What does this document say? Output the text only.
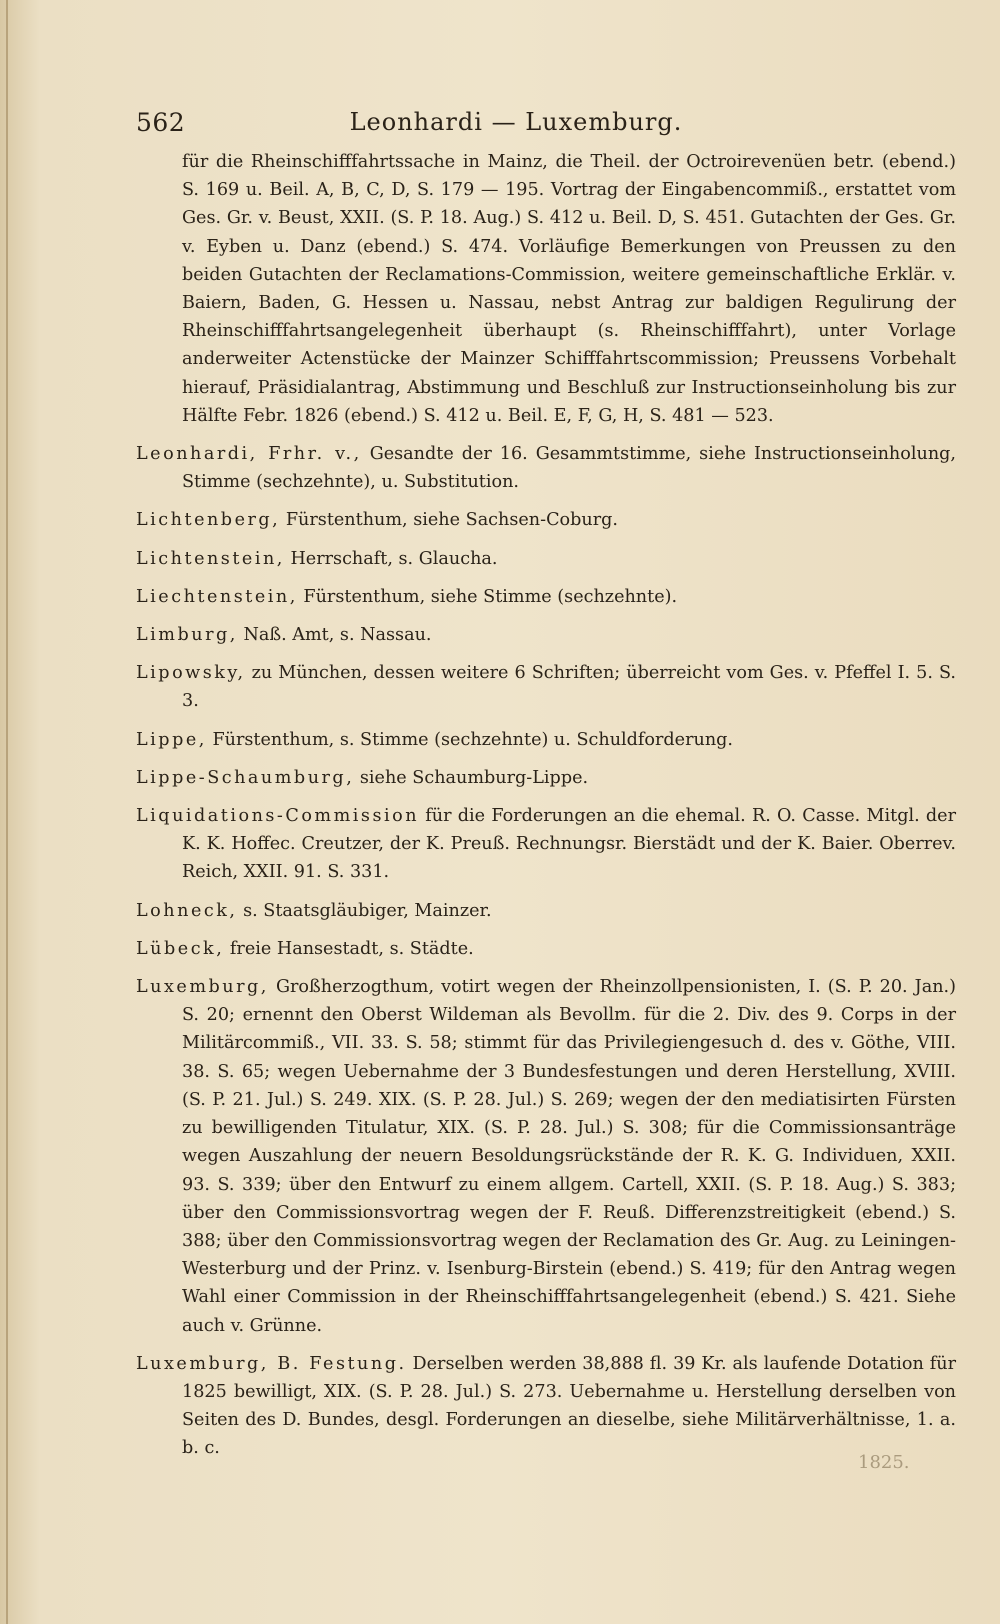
562	Leonhardi — Luxemburg.

für die Rheinschifffahrtssache in Mainz, die Theil. der Octroirevenüen betr. (ebend.) S. 169 u. Beil. A, B, C, D, S. 179 — 195. Vortrag der Eingabencommiß., erstattet vom Ges. Gr. v. Beust, XXII. (S. P. 18. Aug.) S. 412 u. Beil. D, S. 451. Gutachten der Ges. Gr. v. Eyben u. Danz (ebend.) S. 474. Vorläufige Bemerkungen von Preussen zu den beiden Gutachten der Reclamations-Commission, weitere gemeinschaftliche Erklär. v. Baiern, Baden, G. Hessen u. Nassau, nebst Antrag zur baldigen Regulirung der Rheinschifffahrtsangelegenheit überhaupt (s. Rheinschifffahrt), unter Vorlage anderweiter Actenstücke der Mainzer Schifffahrtscommission; Preussens Vorbehalt hierauf, Präsidialantrag, Abstimmung und Beschluß zur Instructionseinholung bis zur Hälfte Febr. 1826 (ebend.) S. 412 u. Beil. E, F, G, H, S. 481 — 523.

Leonhardi, Frhr. v., Gesandte der 16. Gesammtstimme, siehe Instructionseinholung, Stimme (sechzehnte), u. Substitution.

Lichtenberg, Fürstenthum, siehe Sachsen-Coburg.

Lichtenstein, Herrschaft, s. Glaucha.

Liechtenstein, Fürstenthum, siehe Stimme (sechzehnte).

Limburg, Naß. Amt, s. Nassau.

Lipowsky, zu München, dessen weitere 6 Schriften; überreicht vom Ges. v. Pfeffel I. 5. S. 3.

Lippe, Fürstenthum, s. Stimme (sechzehnte) u. Schuldforderung.

Lippe-Schaumburg, siehe Schaumburg-Lippe.

Liquidations-Commission für die Forderungen an die ehemal. R. O. Casse. Mitgl. der K. K. Hoffec. Creutzer, der K. Preuß. Rechnungsr. Bierstädt und der K. Baier. Oberrev. Reich, XXII. 91. S. 331.

Lohneck, s. Staatsgläubiger, Mainzer.

Lübeck, freie Hansestadt, s. Städte.

Luxemburg, Großherzogthum, votirt wegen der Rheinzollpensionisten, I. (S. P. 20. Jan.) S. 20; ernennt den Oberst Wildeman als Bevollm. für die 2. Div. des 9. Corps in der Militärcommiß., VII. 33. S. 58; stimmt für das Privilegiengesuch d. des v. Göthe, VIII. 38. S. 65; wegen Uebernahme der 3 Bundesfestungen und deren Herstellung, XVIII. (S. P. 21. Jul.) S. 249. XIX. (S. P. 28. Jul.) S. 269; wegen der den mediatisirten Fürsten zu bewilligenden Titulatur, XIX. (S. P. 28. Jul.) S. 308; für die Commissionsanträge wegen Auszahlung der neuern Besoldungsrückstände der R. K. G. Individuen, XXII. 93. S. 339; über den Entwurf zu einem allgem. Cartell, XXII. (S. P. 18. Aug.) S. 383; über den Commissionsvortrag wegen der F. Reuß. Differenzstreitigkeit (ebend.) S. 388; über den Commissionsvortrag wegen der Reclamation des Gr. Aug. zu Leiningen-Westerburg und der Prinz. v. Isenburg-Birstein (ebend.) S. 419; für den Antrag wegen Wahl einer Commission in der Rheinschifffahrtsangelegenheit (ebend.) S. 421. Siehe auch v. Grünne.

Luxemburg, B. Festung. Derselben werden 38,888 fl. 39 Kr. als laufende Dotation für 1825 bewilligt, XIX. (S. P. 28. Jul.) S. 273. Uebernahme u. Herstellung derselben von Seiten des D. Bundes, desgl. Forderungen an dieselbe, siehe Militärverhältnisse, 1. a. b. c.

1825.
